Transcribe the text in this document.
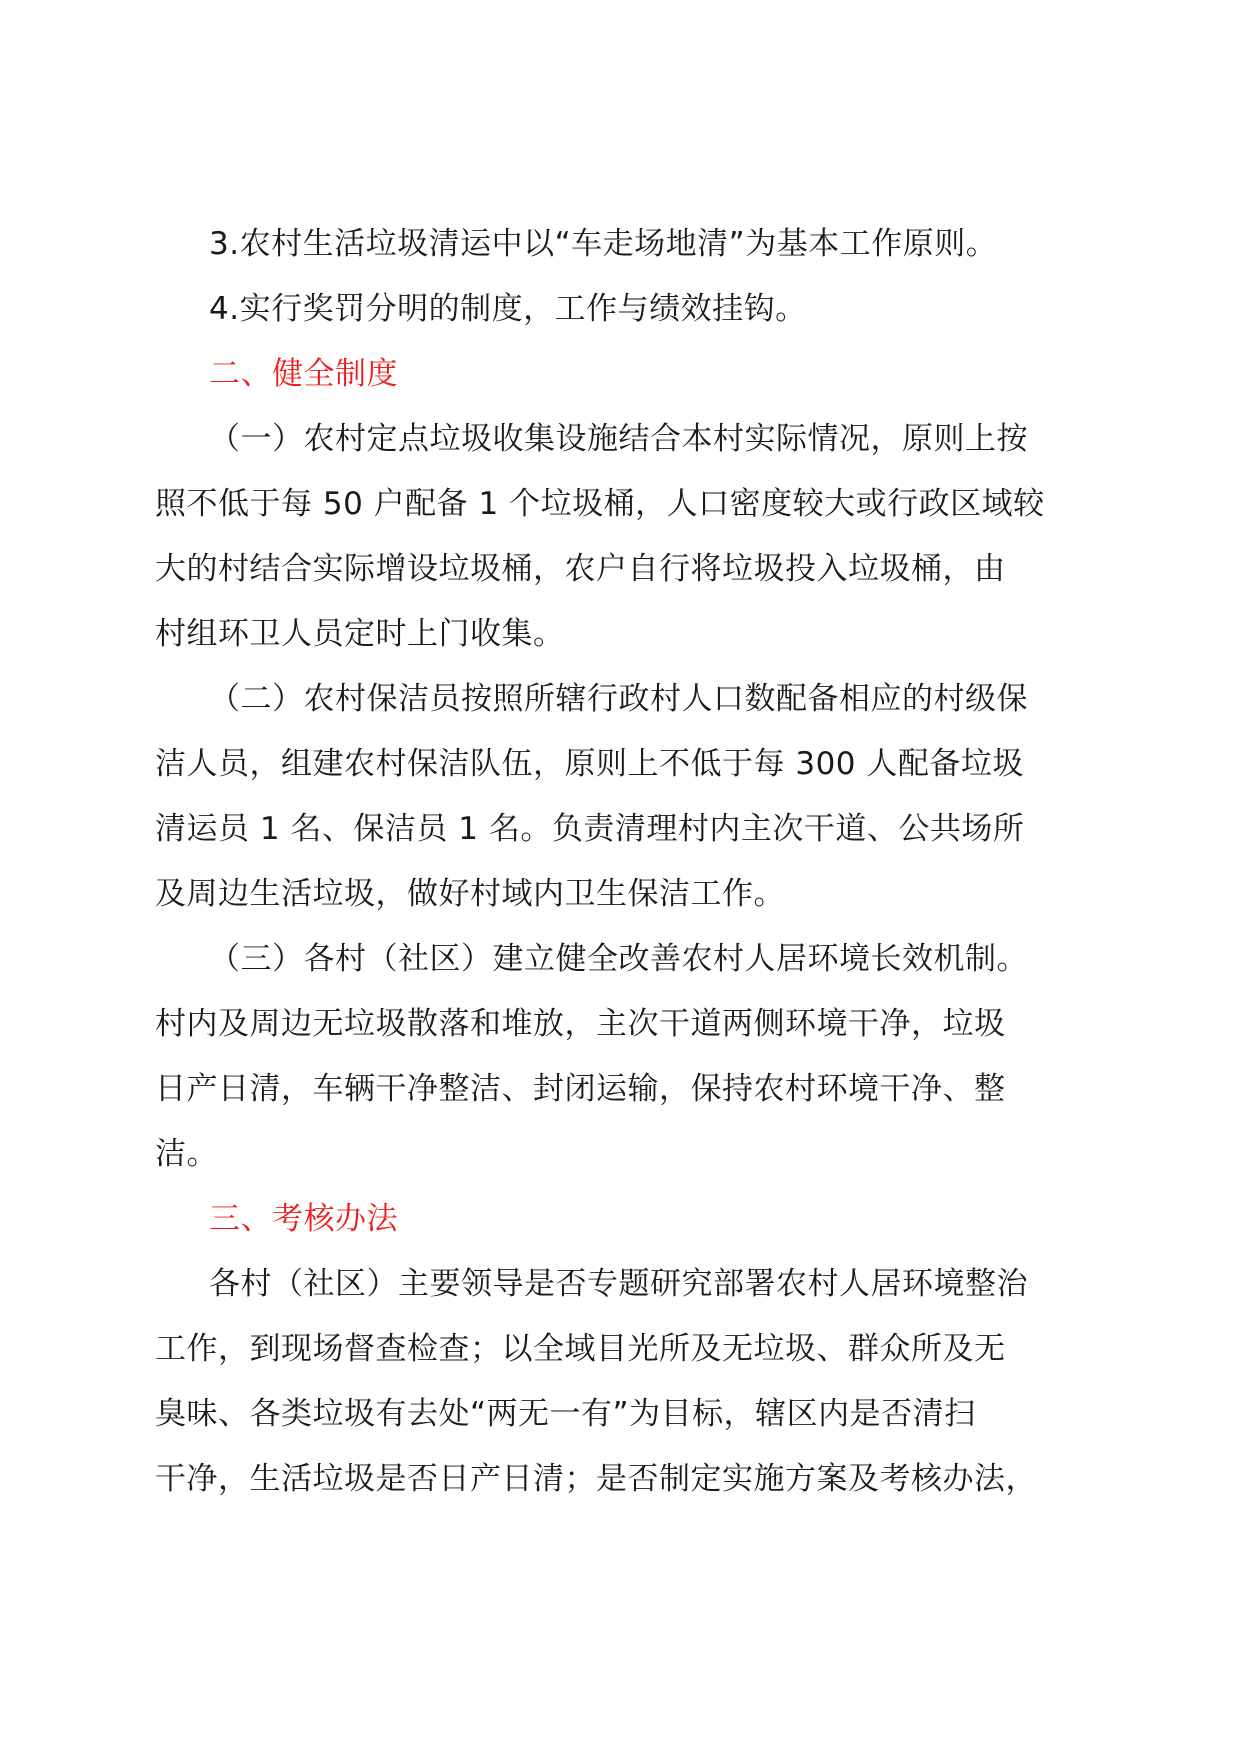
3.农村生活垃圾清运中以“车走场地清”为基本工作原则。
4.实行奖罚分明的制度，工作与绩效挂钩。
二、健全制度
（一）农村定点垃圾收集设施结合本村实际情况，原则上按
照不低于每 50 户配备 1 个垃圾桶，人口密度较大或行政区域较
大的村结合实际增设垃圾桶，农户自行将垃圾投入垃圾桶，由
村组环卫人员定时上门收集。
（二）农村保洁员按照所辖行政村人口数配备相应的村级保
洁人员，组建农村保洁队伍，原则上不低于每 300 人配备垃圾
清运员 1 名、保洁员 1 名。负责清理村内主次干道、公共场所
及周边生活垃圾，做好村域内卫生保洁工作。
（三）各村（社区）建立健全改善农村人居环境长效机制。
村内及周边无垃圾散落和堆放，主次干道两侧环境干净，垃圾
日产日清，车辆干净整洁、封闭运输，保持农村环境干净、整
洁。
三、考核办法
各村（社区）主要领导是否专题研究部署农村人居环境整治
工作，到现场督查检查；以全域目光所及无垃圾、群众所及无
臭味、各类垃圾有去处“两无一有”为目标，辖区内是否清扫
干净，生活垃圾是否日产日清；是否制定实施方案及考核办法，
